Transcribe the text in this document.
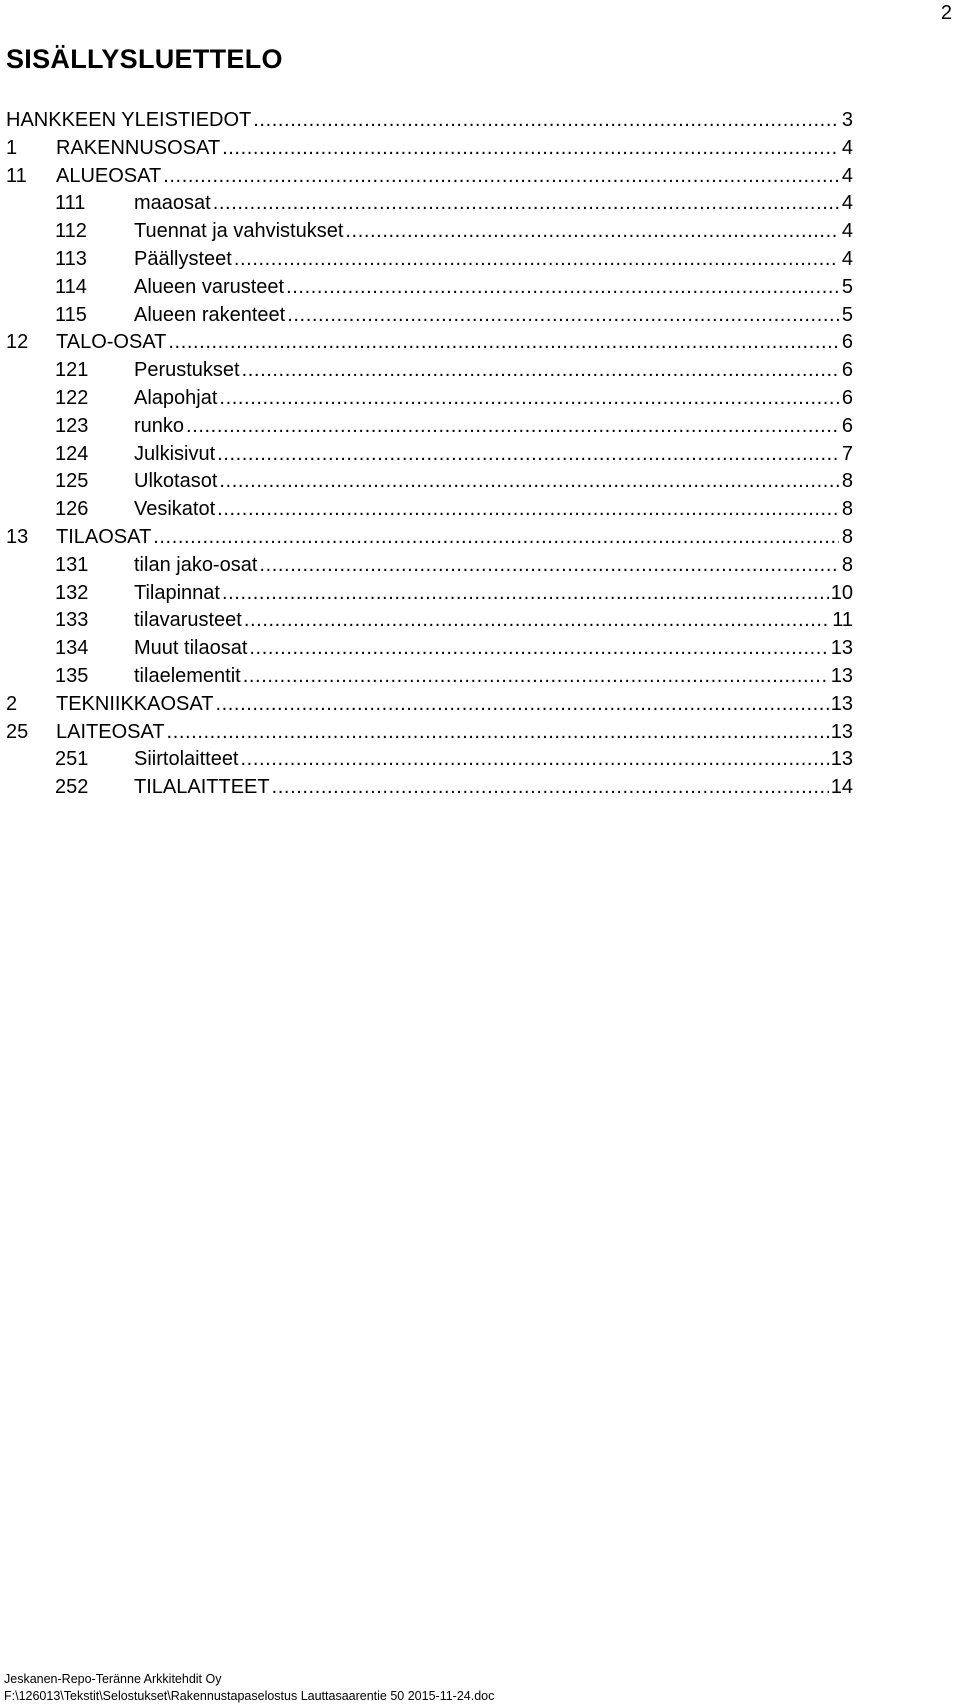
2
SISÄLLYSLUETTELO
HANKKEEN YLEISTIEDOT .....	3
1	RAKENNUSOSAT .....	4
11	ALUEOSAT .....	4
111	maaosat .....	4
112	Tuennat ja vahvistukset .....	4
113	Päällysteet .....	4
114	Alueen varusteet .....	5
115	Alueen rakenteet .....	5
12	TALO-OSAT .....	6
121	Perustukset .....	6
122	Alapohjat .....	6
123	runko .....	6
124	Julkisivut .....	7
125	Ulkotasot .....	8
126	Vesikatot .....	8
13	TILAOSAT .....	8
131	tilan jako-osat .....	8
132	Tilapinnat .....	10
133	tilavarusteet .....	11
134	Muut tilaosat .....	13
135	tilaelementit .....	13
2	TEKNIIKKAOSAT .....	13
25	LAITEOSAT .....	13
251	Siirtolaitteet .....	13
252	TILALAITTEET .....	14
Jeskanen-Repo-Teränne Arkkitehdit Oy
F:\126013\Tekstit\Selostukset\Rakennustapaselostus Lauttasaarentie 50 2015-11-24.doc
